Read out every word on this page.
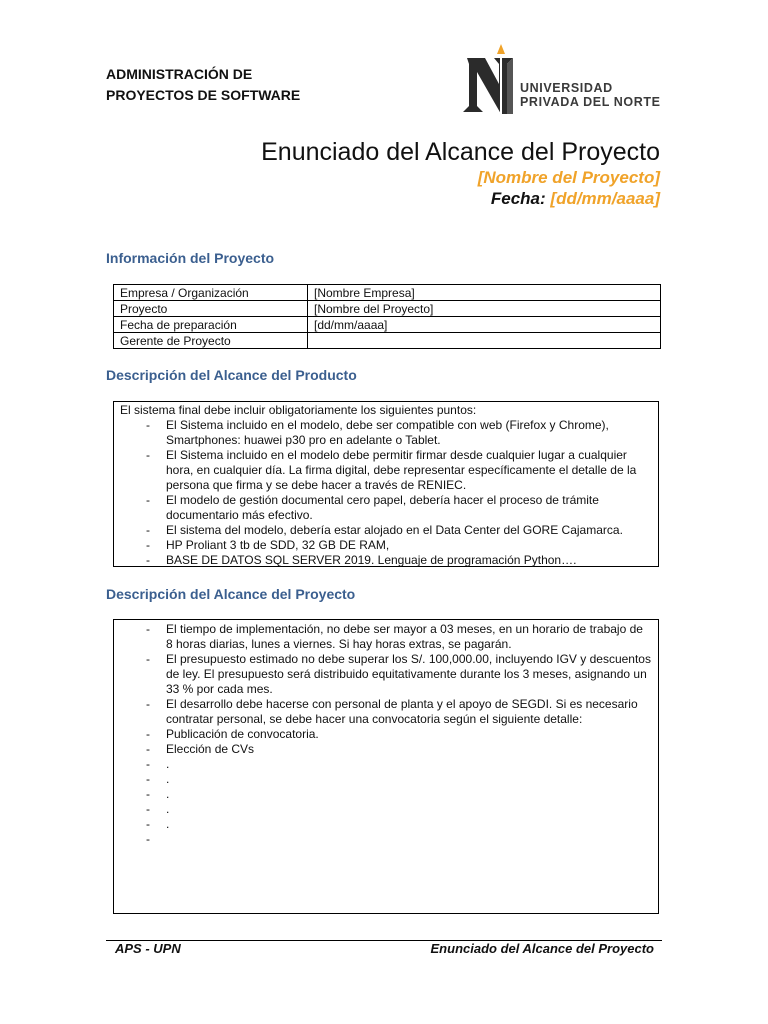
ADMINISTRACIÓN DE
PROYECTOS DE SOFTWARE	UNIVERSIDAD
PRIVADA DEL NORTE
Enunciado del Alcance del Proyecto
[Nombre del Proyecto]
Fecha: [dd/mm/aaaa]
Información del Proyecto
Empresa / Organización	[Nombre Empresa]
Proyecto	[Nombre del Proyecto]
Fecha de preparación	[dd/mm/aaaa]
Gerente de Proyecto	
Descripción del Alcance del Producto
El sistema final debe incluir obligatoriamente los siguientes puntos:
- El Sistema incluido en el modelo, debe ser compatible con web (Firefox y Chrome), Smartphones: huawei p30 pro en adelante o Tablet.
- El Sistema incluido en el modelo debe permitir firmar desde cualquier lugar a cualquier hora, en cualquier día. La firma digital, debe representar específicamente el detalle de la persona que firma y se debe hacer a través de RENIEC.
- El modelo de gestión documental cero papel, debería hacer el proceso de trámite documentario más efectivo.
- El sistema del modelo, debería estar alojado en el Data Center del GORE Cajamarca.
- HP Proliant 3 tb de SDD, 32 GB DE RAM,
- BASE DE DATOS SQL SERVER 2019. Lenguaje de programación Python….
Descripción del Alcance del Proyecto
- El tiempo de implementación, no debe ser mayor a 03 meses, en un horario de trabajo de 8 horas diarias, lunes a viernes. Si hay horas extras, se pagarán.
- El presupuesto estimado no debe superar los S/. 100,000.00, incluyendo IGV y descuentos de ley. El presupuesto será distribuido equitativamente durante los 3 meses, asignando un 33 % por cada mes.
- El desarrollo debe hacerse con personal de planta y el apoyo de SEGDI. Si es necesario contratar personal, se debe hacer una convocatoria según el siguiente detalle:
- Publicación de convocatoria.
- Elección de CVs
- .
- .
- .
- .
- .
-
APS - UPN	Enunciado del Alcance del Proyecto
